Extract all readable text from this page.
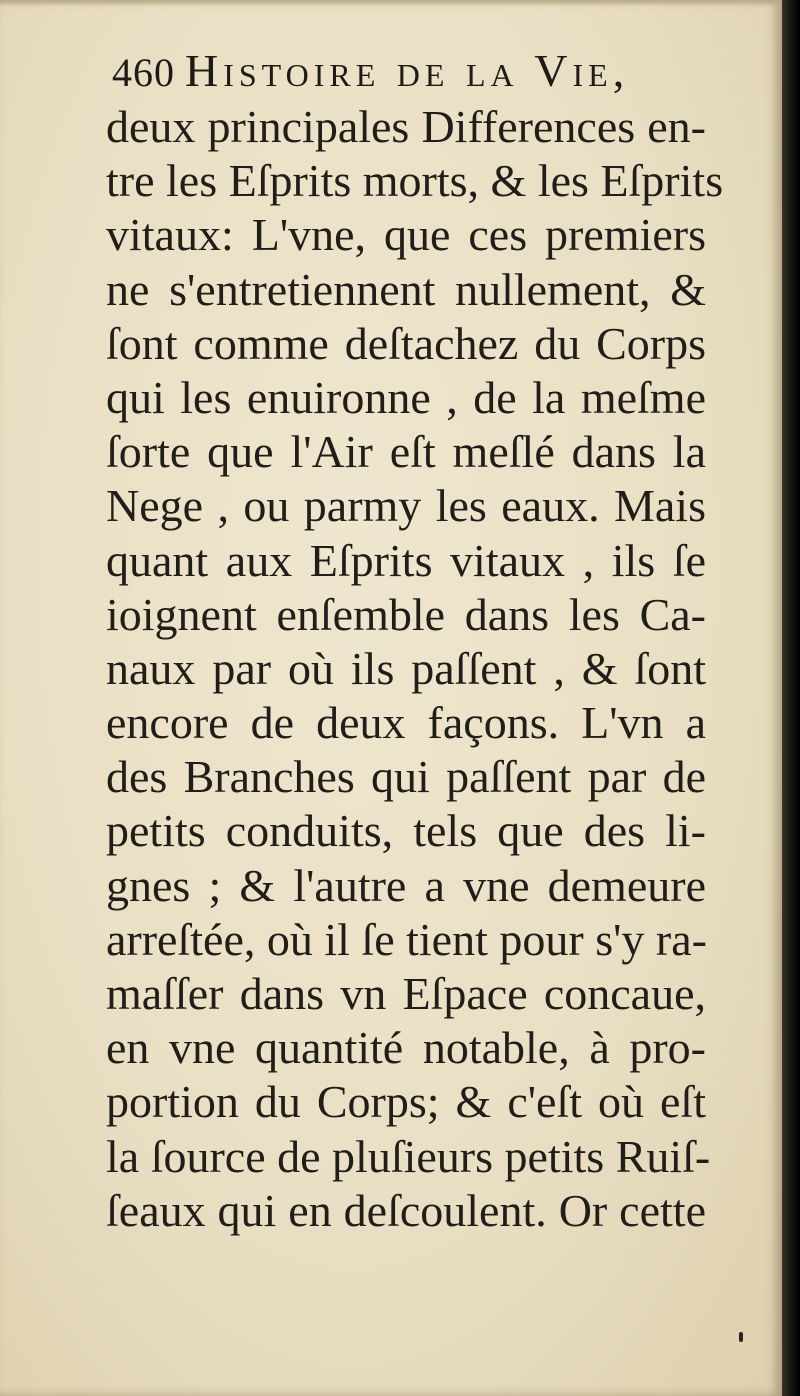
460 Histoire de la Vie,
deux principales Differences en-
tre les Eſprits morts, & les Eſprits
vitaux: L'vne, que ces premiers
ne s'entretiennent nullement, &
ſont comme deſtachez du Corps
qui les enuironne , de la meſme
ſorte que l'Air eſt meſlé dans la
Nege , ou parmy les eaux. Mais
quant aux Eſprits vitaux , ils ſe
ioignent enſemble dans les Ca-
naux par où ils paſſent , & ſont
encore de deux façons. L'vn a
des Branches qui paſſent par de
petits conduits, tels que des li-
gnes ; & l'autre a vne demeure
arreſtée, où il ſe tient pour s'y ra-
maſſer dans vn Eſpace concaue,
en vne quantité notable, à pro-
portion du Corps; & c'eſt où eſt
la ſource de pluſieurs petits Ruiſ-
ſeaux qui en deſcoulent. Or cette
